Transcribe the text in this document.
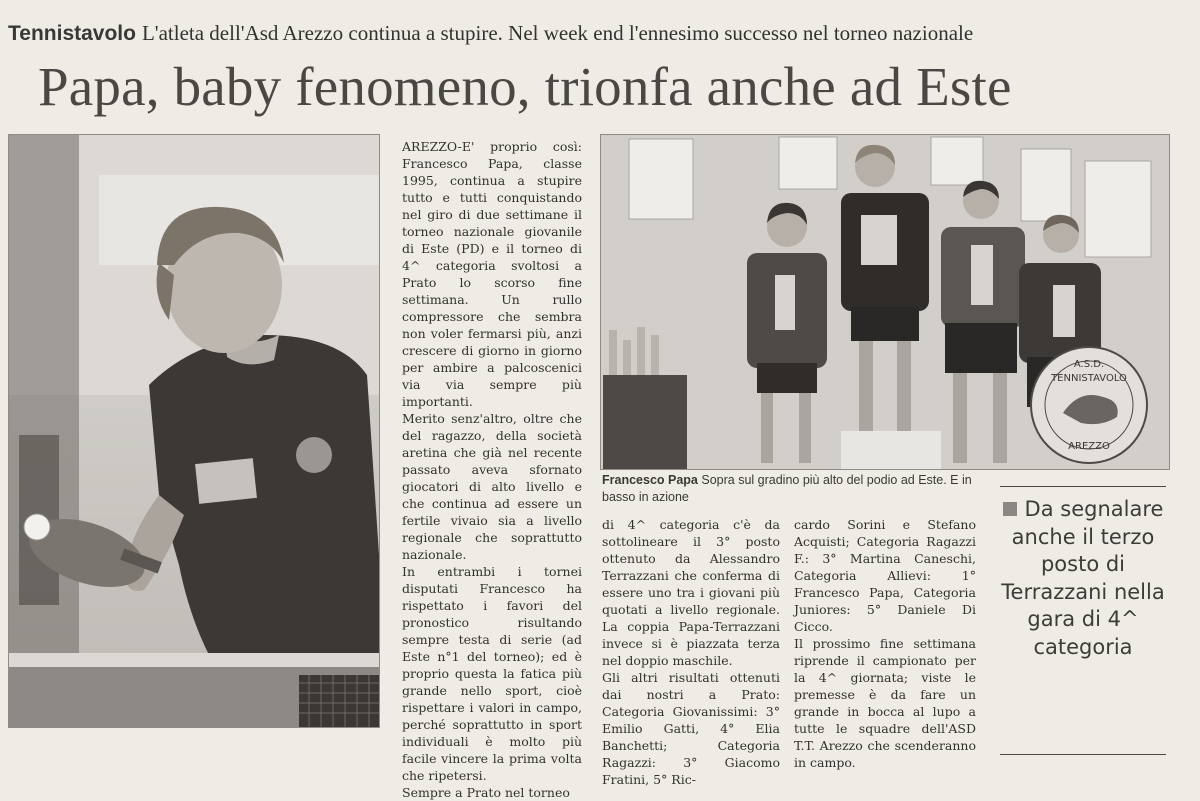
Tennistavolo L'atleta dell'Asd Arezzo continua a stupire. Nel week end l'ennesimo successo nel torneo nazionale
Papa, baby fenomeno, trionfa anche ad Este
A.S.D.
TENNISTAVOLO
AREZZO
Francesco Papa Sopra sul gradino più alto del podio ad Este. E in basso in azione

AREZZO-E' proprio così: Francesco Papa, classe 1995, continua a stupire tutto e tutti conquistando nel giro di due settimane il torneo nazionale giovanile di Este (PD) e il torneo di 4^ categoria svoltosi a Prato lo scorso fine settimana. Un rullo compressore che sembra non voler fermarsi più, anzi crescere di giorno in giorno per ambire a palcoscenici via via sempre più importanti.

Merito senz'altro, oltre che del ragazzo, della società aretina che già nel recente passato aveva sfornato giocatori di alto livello e che continua ad essere un fertile vivaio sia a livello regionale che soprattutto nazionale.

In entrambi i tornei disputati Francesco ha rispettato i favori del pronostico risultando sempre testa di serie (ad Este n°1 del torneo); ed è proprio questa la fatica più grande nello sport, cioè rispettare i valori in campo, perché soprattutto in sport individuali è molto più facile vincere la prima volta che ripetersi.

Sempre a Prato nel torneo

di 4^ categoria c'è da sottolineare il 3° posto ottenuto da Alessandro Terrazzani che conferma di essere uno tra i giovani più quotati a livello regionale. La coppia Papa-Terrazzani invece si è piazzata terza nel doppio maschile.

Gli altri risultati ottenuti dai nostri a Prato: Categoria Giovanissimi: 3° Emilio Gatti, 4° Elia Banchetti; Categoria Ragazzi: 3° Giacomo Fratini, 5° Ric-

cardo Sorini e Stefano Acquisti; Categoria Ragazzi F.: 3° Martina Caneschi, Categoria Allievi: 1° Francesco Papa, Categoria Juniores: 5° Daniele Di Cicco.

Il prossimo fine settimana riprende il campionato per la 4^ giornata; viste le premesse è da fare un grande in bocca al lupo a tutte le squadre dell'ASD T.T. Arezzo che scenderanno in campo.

Da segnalare anche il terzo posto di Terrazzani nella gara di 4^ categoria
